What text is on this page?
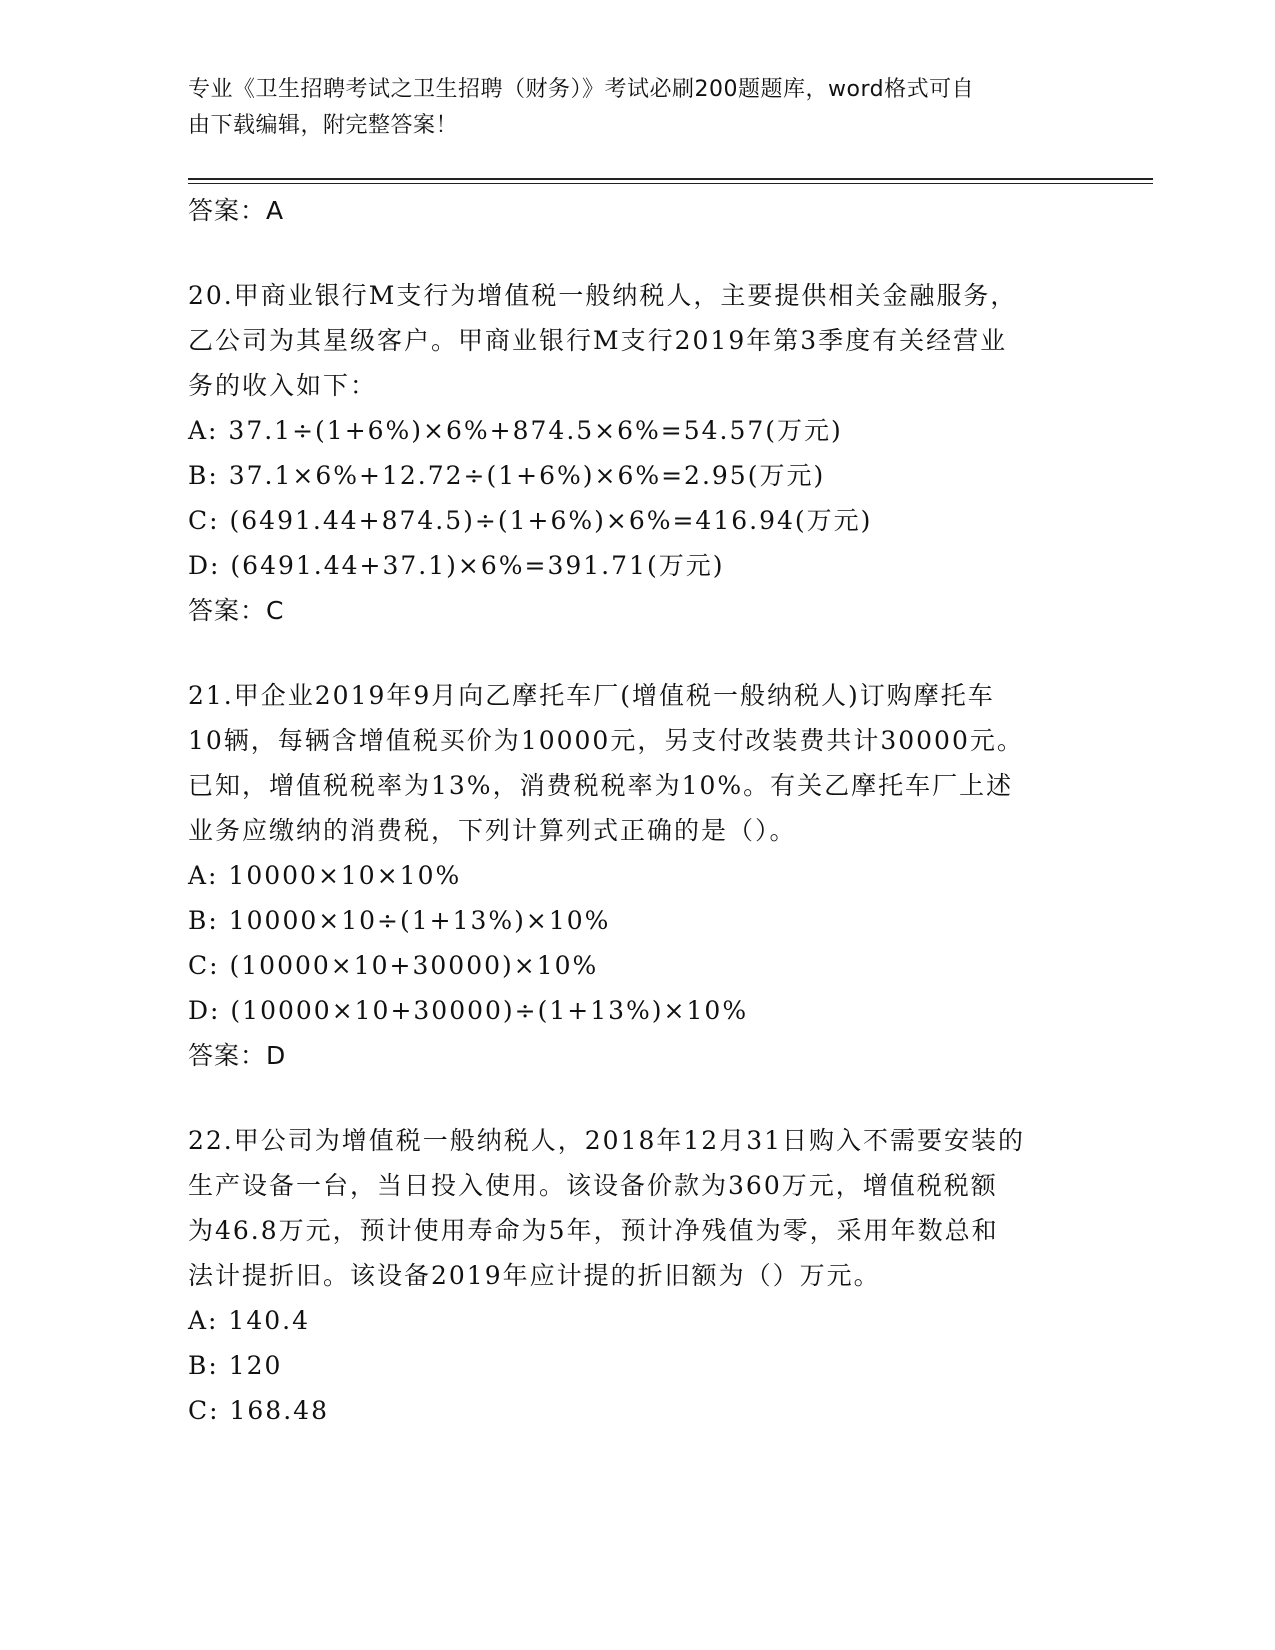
专业《卫生招聘考试之卫生招聘（财务）》考试必刷200题题库，word格式可自
由下载编辑，附完整答案！
答案：A
20.甲商业银行M支行为增值税一般纳税人，主要提供相关金融服务，
乙公司为其星级客户。甲商业银行M支行2019年第3季度有关经营业
务的收入如下：
A: 37.1÷(1+6%)×6%+874.5×6%=54.57(万元)
B: 37.1×6%+12.72÷(1+6%)×6%=2.95(万元)
C: (6491.44+874.5)÷(1+6%)×6%=416.94(万元)
D: (6491.44+37.1)×6%=391.71(万元)
答案：C
21.甲企业2019年9月向乙摩托车厂(增值税一般纳税人)订购摩托车
10辆，每辆含增值税买价为10000元，另支付改装费共计30000元。
已知，增值税税率为13%，消费税税率为10%。有关乙摩托车厂上述
业务应缴纳的消费税，下列计算列式正确的是（）。
A: 10000×10×10%
B: 10000×10÷(1+13%)×10%
C: (10000×10+30000)×10%
D: (10000×10+30000)÷(1+13%)×10%
答案：D
22.甲公司为增值税一般纳税人，2018年12月31日购入不需要安装的
生产设备一台，当日投入使用。该设备价款为360万元，增值税税额
为46.8万元，预计使用寿命为5年，预计净残值为零，采用年数总和
法计提折旧。该设备2019年应计提的折旧额为（）万元。
A: 140.4
B: 120
C: 168.48
